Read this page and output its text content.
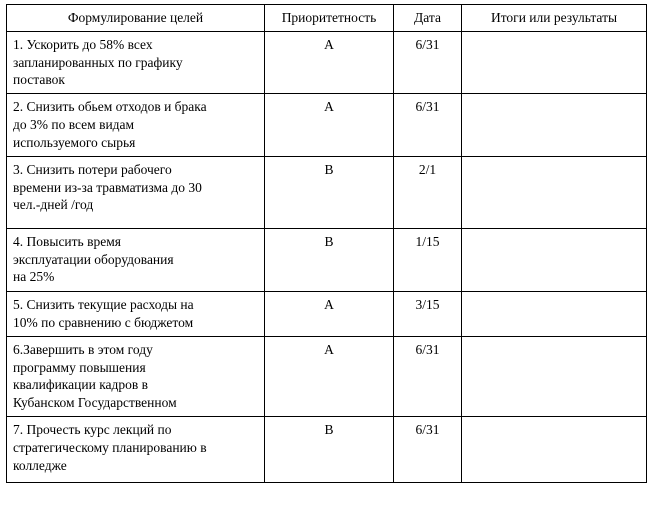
Формулирование целей	Приоритетность	Дата	Итоги или результаты

1. Ускорить до 58% всех
запланированных по графику
поставок	A	6/31	

2. Снизить обьем отходов и брака
до 3% по всем видам
используемого сырья	A	6/31	

3. Снизить потери рабочего
времени из-за травматизма до 30
чел.-дней /год	B	2/1	

4. Повысить время
эксплуатации оборудования
на 25%	B	1/15	

5. Снизить текущие расходы на
10% по сравнению с бюджетом	A	3/15	

6.Завершить в этом году
программу повышения
квалификации кадров в
Кубанском Государственном	A	6/31	

7. Прочесть курс лекций по
стратегическому планированию в
колледже	B	6/31	
